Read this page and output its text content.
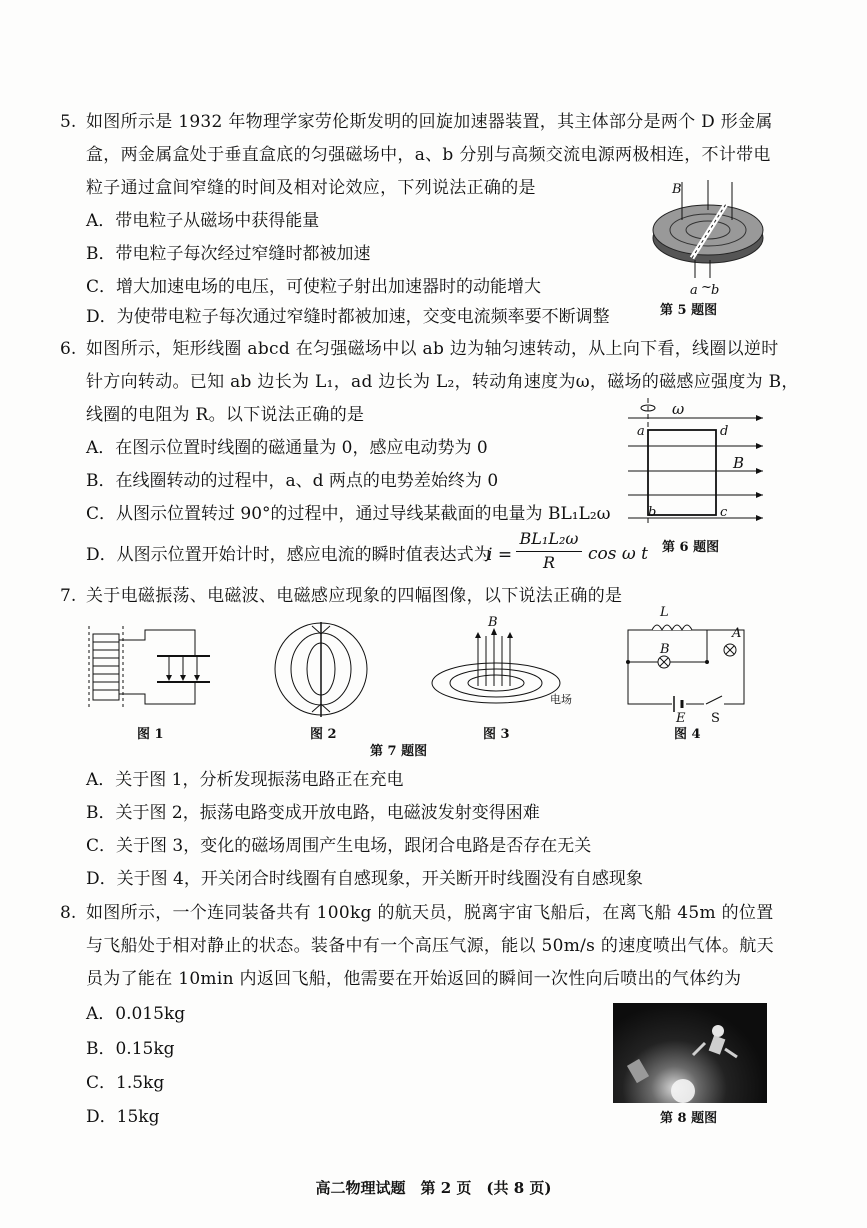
5. 如图所示是 1932 年物理学家劳伦斯发明的回旋加速器装置，其主体部分是两个 D 形金属
盒，两金属盒处于垂直盒底的匀强磁场中，a、b 分别与高频交流电源两极相连，不计带电
粒子通过盒间窄缝的时间及相对论效应，下列说法正确的是
A．带电粒子从磁场中获得能量
B．带电粒子每次经过窄缝时都被加速
C．增大加速电场的电压，可使粒子射出加速器时的动能增大
D．为使带电粒子每次通过窄缝时都被加速，交变电流频率要不断调整
B
a ~ b
第 5 题图
6. 如图所示，矩形线圈 abcd 在匀强磁场中以 ab 边为轴匀速转动，从上向下看，线圈以逆时
针方向转动。已知 ab 边长为 L₁，ad 边长为 L₂，转动角速度为ω，磁场的磁感应强度为 B，
线圈的电阻为 R。以下说法正确的是
A．在图示位置时线圈的磁通量为 0，感应电动势为 0
B．在线圈转动的过程中，a、d 两点的电势差始终为 0
C．从图示位置转过 90°的过程中，通过导线某截面的电量为 BL₁L₂ω
D．从图示位置开始计时，感应电流的瞬时值表达式为
i =
BL₁L₂ω
R	cos ω t
ω
a	d
B
b	c
第 6 题图
7. 关于电磁振荡、电磁波、电磁感应现象的四幅图像，以下说法正确的是
图 1	图 2
B
电场
图 3
L
A
B
E S
图 4
第 7 题图
A．关于图 1，分析发现振荡电路正在充电
B．关于图 2，振荡电路变成开放电路，电磁波发射变得困难
C．关于图 3，变化的磁场周围产生电场，跟闭合电路是否存在无关
D．关于图 4，开关闭合时线圈有自感现象，开关断开时线圈没有自感现象
8. 如图所示，一个连同装备共有 100kg 的航天员，脱离宇宙飞船后，在离飞船 45m 的位置
与飞船处于相对静止的状态。装备中有一个高压气源，能以 50m/s 的速度喷出气体。航天
员为了能在 10min 内返回飞船，他需要在开始返回的瞬间一次性向后喷出的气体约为
A．0.015kg
B．0.15kg
C．1.5kg
D．15kg	第 8 题图
高二物理试题　第 2 页　(共 8 页)
